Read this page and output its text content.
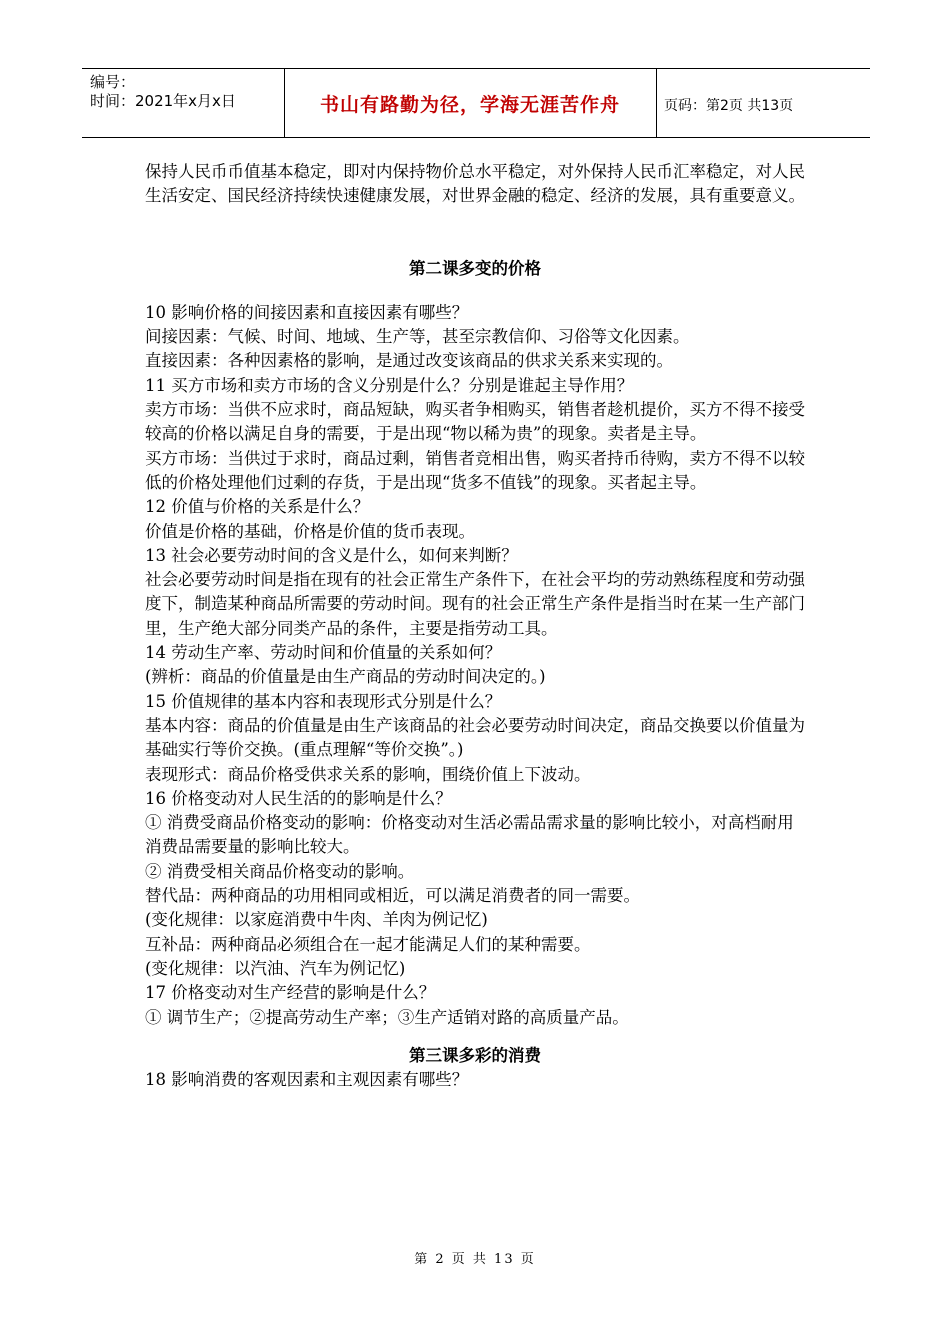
编号：
时间：2021年x月x日	书山有路勤为径，学海无涯苦作舟	页码：第2页 共13页

保持人民币币值基本稳定，即对内保持物价总水平稳定，对外保持人民币汇率稳定，对人民生活安定、国民经济持续快速健康发展，对世界金融的稳定、经济的发展，具有重要意义。

第二课多变的价格

10 影响价格的间接因素和直接因素有哪些？

间接因素：气候、时间、地域、生产等，甚至宗教信仰、习俗等文化因素。

直接因素：各种因素格的影响，是通过改变该商品的供求关系来实现的。

11 买方市场和卖方市场的含义分别是什么？分别是谁起主导作用？

卖方市场：当供不应求时，商品短缺，购买者争相购买，销售者趁机提价，买方不得不接受较高的价格以满足自身的需要，于是出现“物以稀为贵”的现象。卖者是主导。

买方市场：当供过于求时，商品过剩，销售者竞相出售，购买者持币待购，卖方不得不以较低的价格处理他们过剩的存货，于是出现“货多不值钱”的现象。买者起主导。

12 价值与价格的关系是什么？

价值是价格的基础，价格是价值的货币表现。

13 社会必要劳动时间的含义是什么，如何来判断？

社会必要劳动时间是指在现有的社会正常生产条件下，在社会平均的劳动熟练程度和劳动强度下，制造某种商品所需要的劳动时间。现有的社会正常生产条件是指当时在某一生产部门里，生产绝大部分同类产品的条件，主要是指劳动工具。

14 劳动生产率、劳动时间和价值量的关系如何？

(辨析：商品的价值量是由生产商品的劳动时间决定的。)

15 价值规律的基本内容和表现形式分别是什么？

基本内容：商品的价值量是由生产该商品的社会必要劳动时间决定，商品交换要以价值量为基础实行等价交换。(重点理解“等价交换”。)

表现形式：商品价格受供求关系的影响，围绕价值上下波动。

16 价格变动对人民生活的的影响是什么？

① 消费受商品价格变动的影响：价格变动对生活必需品需求量的影响比较小，对高档耐用消费品需要量的影响比较大。

② 消费受相关商品价格变动的影响。

替代品：两种商品的功用相同或相近，可以满足消费者的同一需要。

(变化规律：以家庭消费中牛肉、羊肉为例记忆)

互补品：两种商品必须组合在一起才能满足人们的某种需要。

(变化规律：以汽油、汽车为例记忆)

17 价格变动对生产经营的影响是什么？

① 调节生产；②提高劳动生产率；③生产适销对路的高质量产品。

第三课多彩的消费

18 影响消费的客观因素和主观因素有哪些？

第 2 页 共 13 页
